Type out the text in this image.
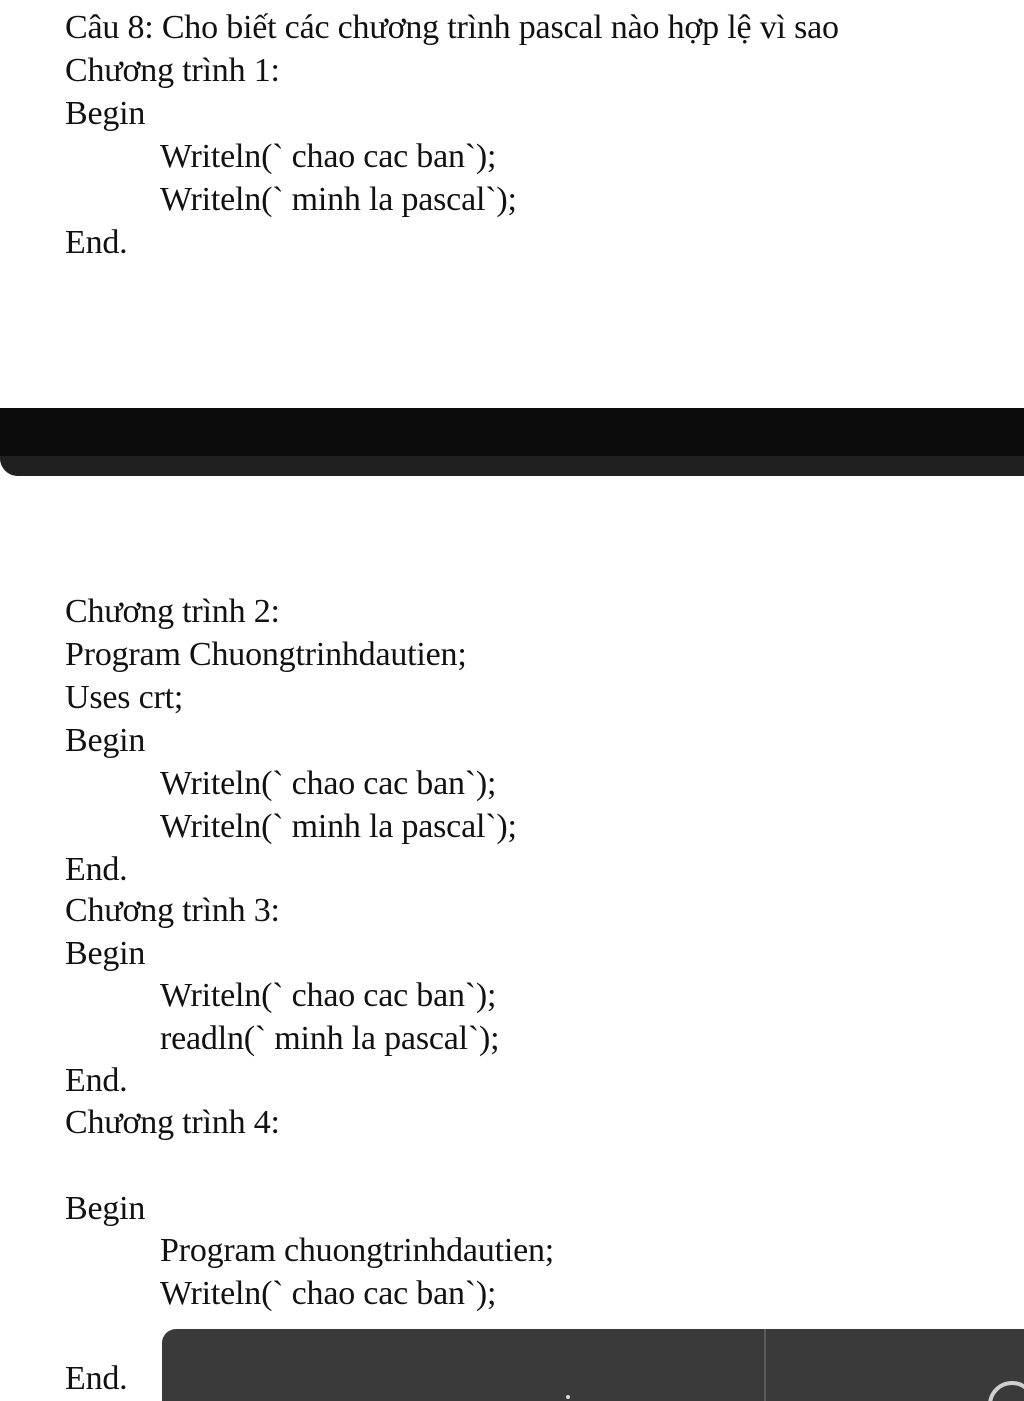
Câu 8: Cho biết các chương trình pascal nào hợp lệ vì sao
Chương trình 1:
Begin
Writeln(` chao cac ban`);
Writeln(` minh la pascal`);
End.
Chương trình 2:
Program Chuongtrinhdautien;
Uses crt;
Begin
Writeln(` chao cac ban`);
Writeln(` minh la pascal`);
End.
Chương trình 3:
Begin
Writeln(` chao cac ban`);
readln(` minh la pascal`);
End.
Chương trình 4:
Begin
Program chuongtrinhdautien;
Writeln(` chao cac ban`);
End.
